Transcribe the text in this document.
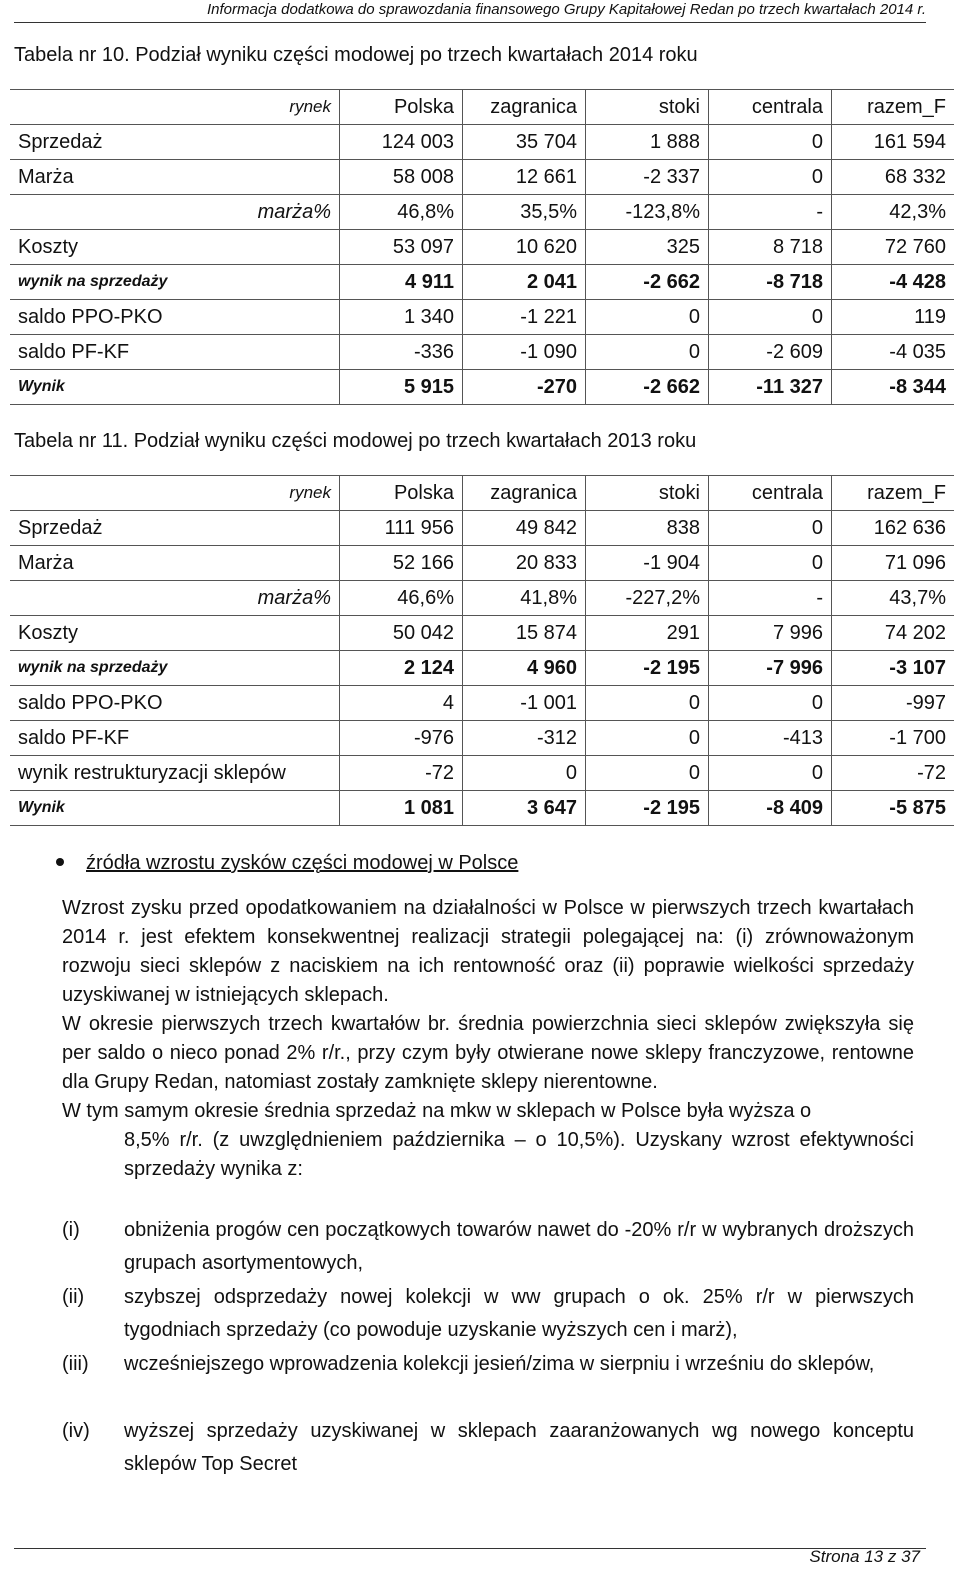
Informacja dodatkowa do sprawozdania finansowego Grupy Kapitałowej Redan po trzech kwartałach 2014 r.
Tabela nr 10. Podział wyniku części modowej po trzech kwartałach 2014 roku
rynek	Polska	zagranica	stoki	centrala	razem_F
Sprzedaż	124 003	35 704	1 888	0	161 594
Marża	58 008	12 661	-2 337	0	68 332
marża%	46,8%	35,5%	-123,8%	-	42,3%
Koszty	53 097	10 620	325	8 718	72 760
wynik na sprzedaży	4 911	2 041	-2 662	-8 718	-4 428
saldo PPO-PKO	1 340	-1 221	0	0	119
saldo PF-KF	-336	-1 090	0	-2 609	-4 035
Wynik	5 915	-270	-2 662	-11 327	-8 344
Tabela nr 11. Podział wyniku części modowej po trzech kwartałach 2013 roku
rynek	Polska	zagranica	stoki	centrala	razem_F
Sprzedaż	111 956	49 842	838	0	162 636
Marża	52 166	20 833	-1 904	0	71 096
marża%	46,6%	41,8%	-227,2%	-	43,7%
Koszty	50 042	15 874	291	7 996	74 202
wynik na sprzedaży	2 124	4 960	-2 195	-7 996	-3 107
saldo PPO-PKO	4	-1 001	0	0	-997
saldo PF-KF	-976	-312	0	-413	-1 700
wynik restrukturyzacji sklepów	-72	0	0	0	-72
Wynik	1 081	3 647	-2 195	-8 409	-5 875
źródła wzrostu zysków części modowej w Polsce

Wzrost zysku przed opodatkowaniem na działalności w Polsce w pierwszych trzech kwartałach 2014 r. jest efektem konsekwentnej realizacji strategii polegającej na: (i) zrównoważonym rozwoju sieci sklepów z naciskiem na ich rentowność oraz (ii) poprawie wielkości sprzedaży uzyskiwanej w istniejących sklepach.

W okresie pierwszych trzech kwartałów br. średnia powierzchnia sieci sklepów zwiększyła się per saldo o nieco ponad 2% r/r., przy czym były otwierane nowe sklepy franczyzowe, rentowne dla Grupy Redan, natomiast zostały zamknięte sklepy nierentowne.

W tym samym okresie średnia sprzedaż na mkw w sklepach w Polsce była wyższa o

8,5% r/r. (z uwzględnieniem października – o 10,5%). Uzyskany wzrost efektywności sprzedaży wynika z:

(i)	obniżenia progów cen początkowych towarów nawet do -20% r/r w wybranych droższych grupach asortymentowych,
(ii)	szybszej odsprzedaży nowej kolekcji w ww grupach o ok. 25% r/r w pierwszych tygodniach sprzedaży (co powoduje uzyskanie wyższych cen i marż),
(iii)	wcześniejszego wprowadzenia kolekcji jesień/zima w sierpniu i wrześniu do sklepów,
(iv)	wyższej sprzedaży uzyskiwanej w sklepach zaaranżowanych wg nowego konceptu sklepów Top Secret
Strona 13 z 37
